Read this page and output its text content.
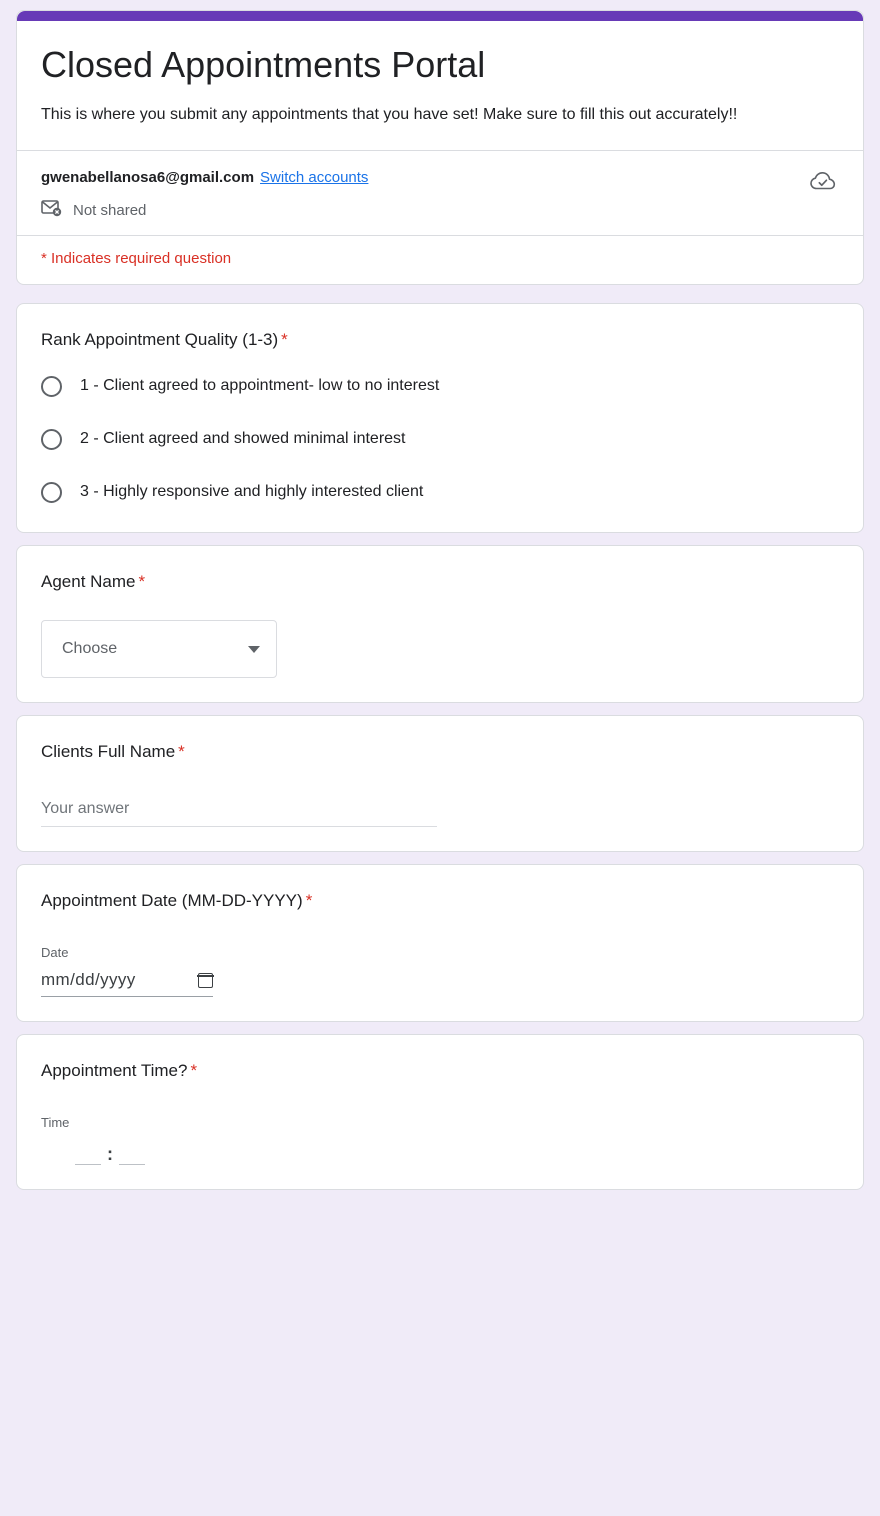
Closed Appointments Portal

This is where you submit any appointments that you have set! Make sure to fill this out accurately!!

gwenabellanosa6@gmail.com Switch accounts
Not shared
* Indicates required question
Rank Appointment Quality (1-3) *
1 - Client agreed to appointment- low to no interest
2 - Client agreed and showed minimal interest
3 - Highly responsive and highly interested client
Agent Name *
Choose
Clients Full Name *
Your answer
Appointment Date (MM-DD-YYYY) *
Date
mm/dd/yyyy
Appointment Time? *
Time
:
